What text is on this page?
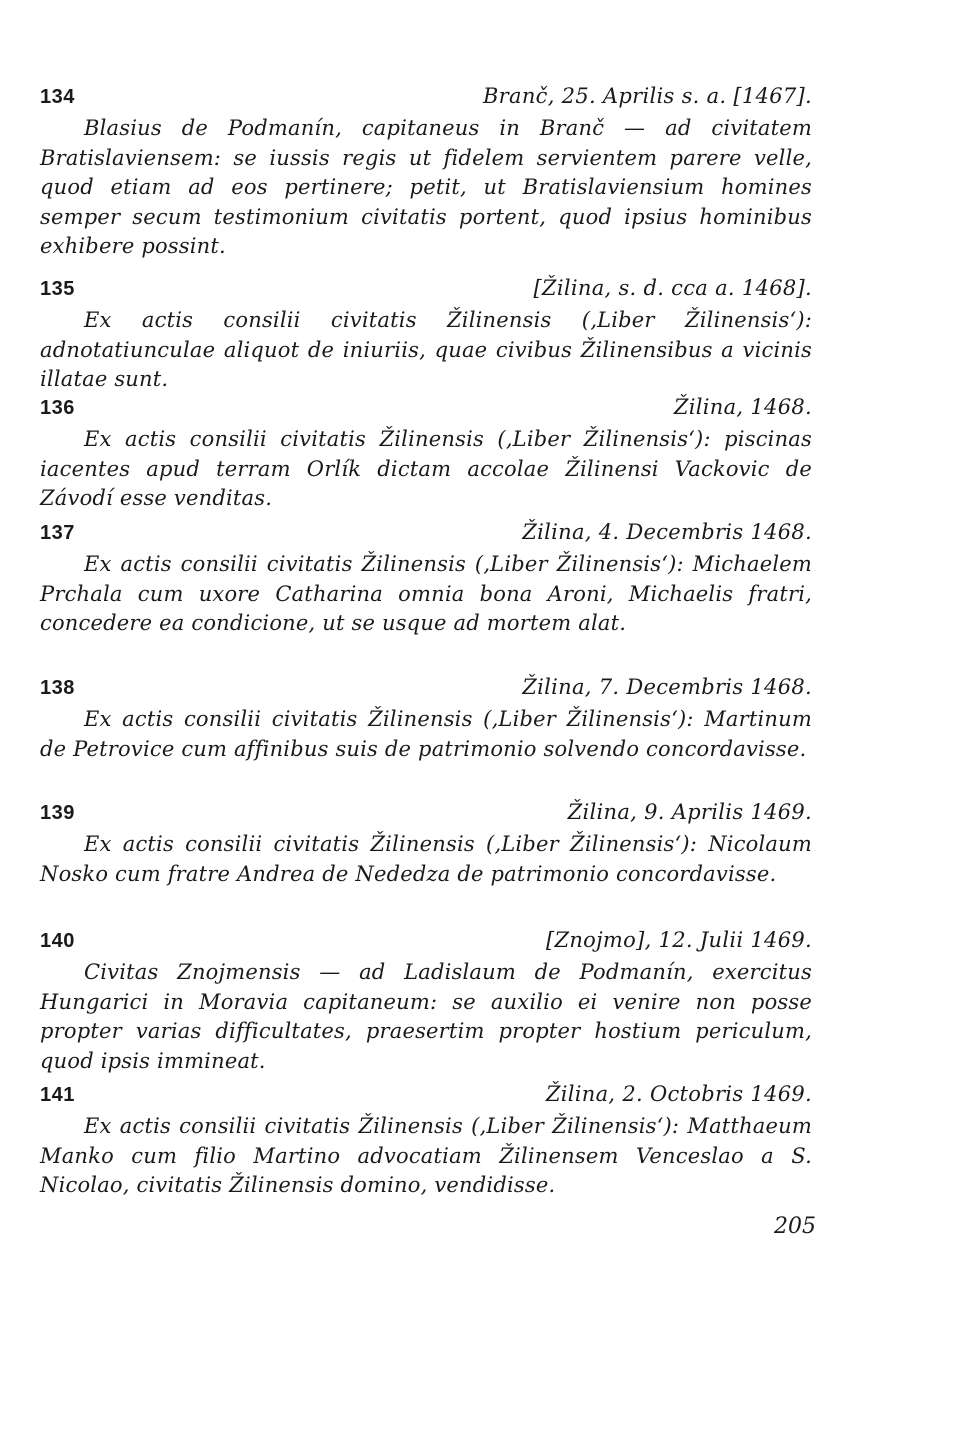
134	Branč, 25. Aprilis s. a. [1467].

Blasius de Podmanín, capitaneus in Branč — ad civitatem Bratislaviensem: se iussis regis ut fidelem servientem parere velle, quod etiam ad eos pertinere; petit, ut Bratislaviensium homines semper secum testimonium civitatis portent, quod ipsius hominibus exhibere possint.

135	[Žilina, s. d. cca a. 1468].

Ex actis consilii civitatis Žilinensis (‚Liber Žilinensis‘): adnotatiunculae aliquot de iniuriis, quae civibus Žilinensibus a vicinis illatae sunt.

136	Žilina, 1468.

Ex actis consilii civitatis Žilinensis (‚Liber Žilinensis‘): piscinas iacentes apud terram Orlík dictam accolae Žilinensi Vackovic de Závodí esse venditas.

137	Žilina, 4. Decembris 1468.

Ex actis consilii civitatis Žilinensis (‚Liber Žilinensis‘): Michaelem Prchala cum uxore Catharina omnia bona Aroni, Michaelis fratri, concedere ea condicione, ut se usque ad mortem alat.

138	Žilina, 7. Decembris 1468.

Ex actis consilii civitatis Žilinensis (‚Liber Žilinensis‘): Martinum de Petrovice cum affinibus suis de patrimonio solvendo concordavisse.

139	Žilina, 9. Aprilis 1469.

Ex actis consilii civitatis Žilinensis (‚Liber Žilinensis‘): Nicolaum Nosko cum fratre Andrea de Nededza de patrimonio concordavisse.

140	[Znojmo], 12. Julii 1469.

Civitas Znojmensis — ad Ladislaum de Podmanín, exercitus Hungarici in Moravia capitaneum: se auxilio ei venire non posse propter varias difficultates, praesertim propter hostium periculum, quod ipsis immineat.

141	Žilina, 2. Octobris 1469.

Ex actis consilii civitatis Žilinensis (‚Liber Žilinensis‘): Matthaeum Manko cum filio Martino advocatiam Žilinensem Venceslao a S. Nicolao, civitatis Žilinensis domino, vendidisse.

205
